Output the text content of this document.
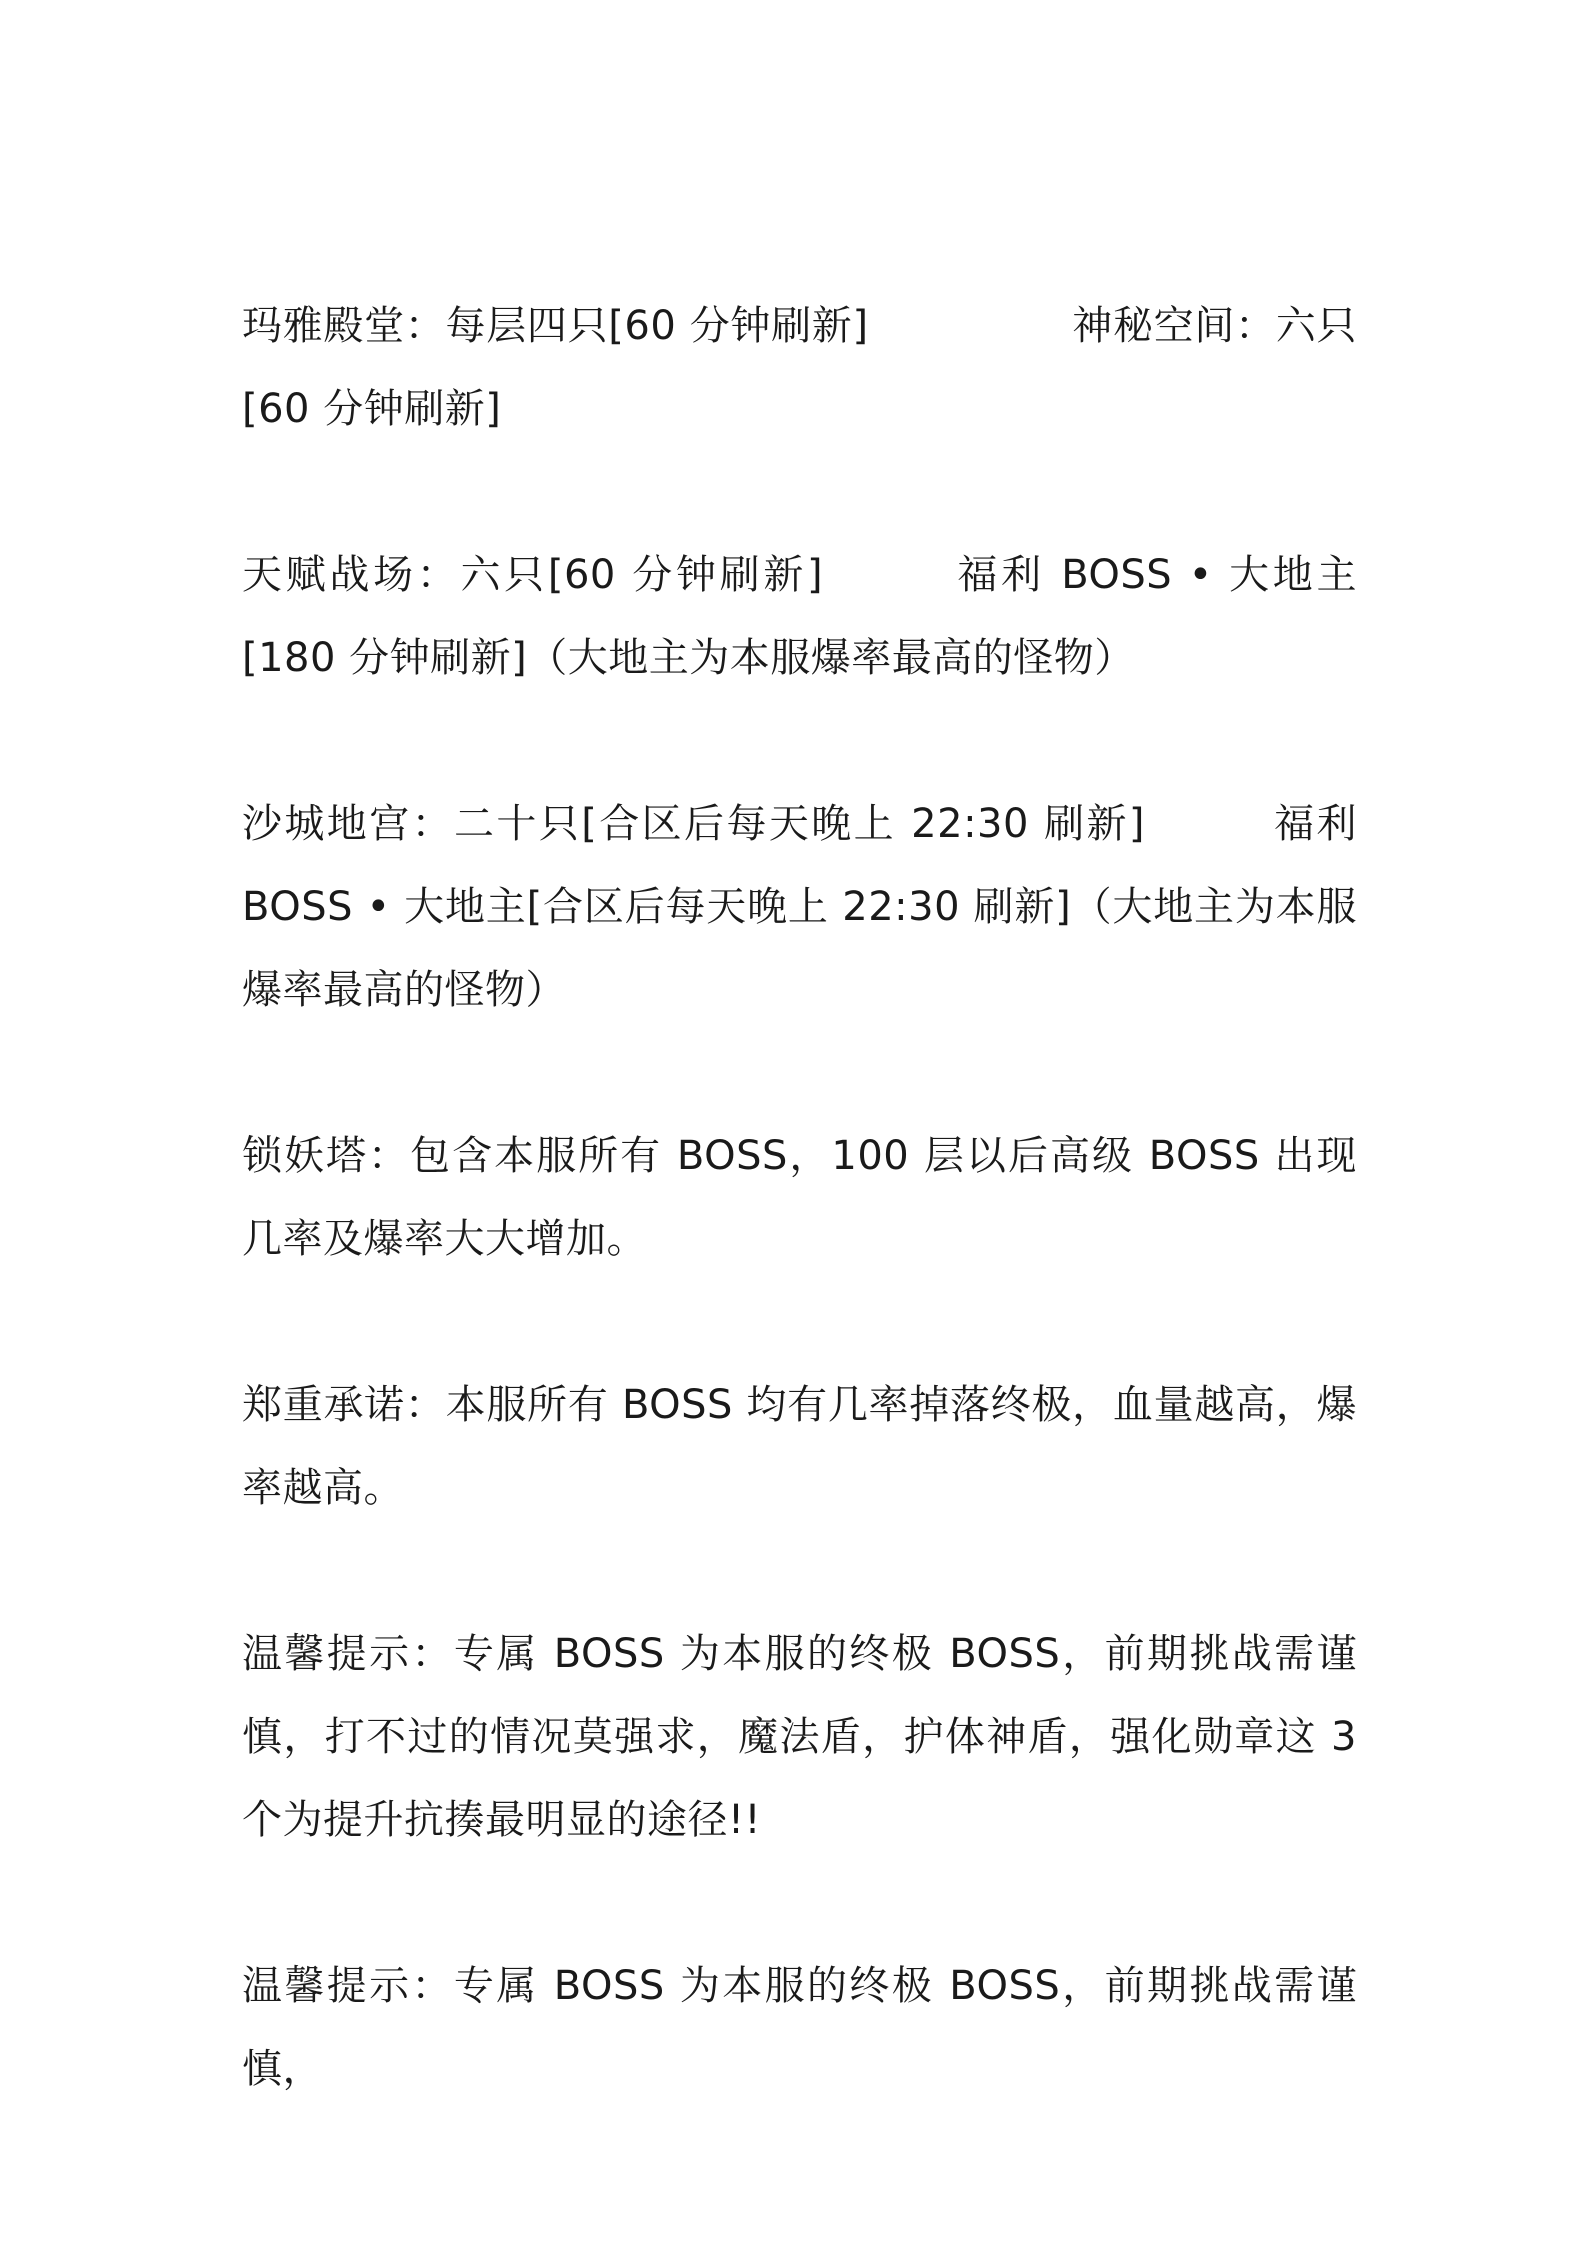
玛雅殿堂：每层四只[60 分钟刷新]　　　　　神秘空间：六只[60 分钟刷新]

天赋战场：六只[60 分钟刷新]　　　福利 BOSS • 大地主[180 分钟刷新]（大地主为本服爆率最高的怪物）

沙城地宫：二十只[合区后每天晚上 22:30 刷新]　　　福利 BOSS • 大地主[合区后每天晚上 22:30 刷新]（大地主为本服爆率最高的怪物）

锁妖塔：包含本服所有 BOSS，100 层以后高级 BOSS 出现几率及爆率大大增加。

郑重承诺：本服所有 BOSS 均有几率掉落终极，血量越高，爆率越高。

温馨提示：专属 BOSS 为本服的终极 BOSS，前期挑战需谨慎，打不过的情况莫强求，魔法盾，护体神盾，强化勋章这 3 个为提升抗揍最明显的途径!!

温馨提示：专属 BOSS 为本服的终极 BOSS，前期挑战需谨慎，
